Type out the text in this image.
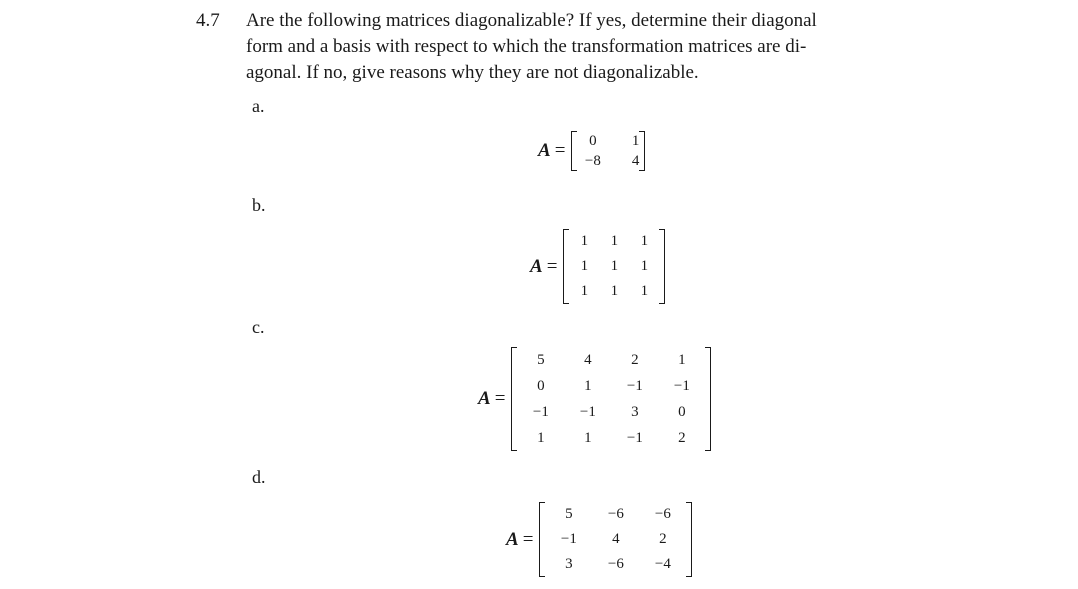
4.7 Are the following matrices diagonalizable? If yes, determine their diagonal
form and a basis with respect to which the transformation matrices are di-
agonal. If no, give reasons why they are not diagonalizable.
a.
A = 0	1
−8	4
b.
A =
1	1	1
1	1	1
1	1	1
c.
A =
5	4	2	1
0	1	−1	−1
−1	−1	3	0
1	1	−1	2
d.
A =
5	−6	−6
−1	4	2
3	−6	−4
